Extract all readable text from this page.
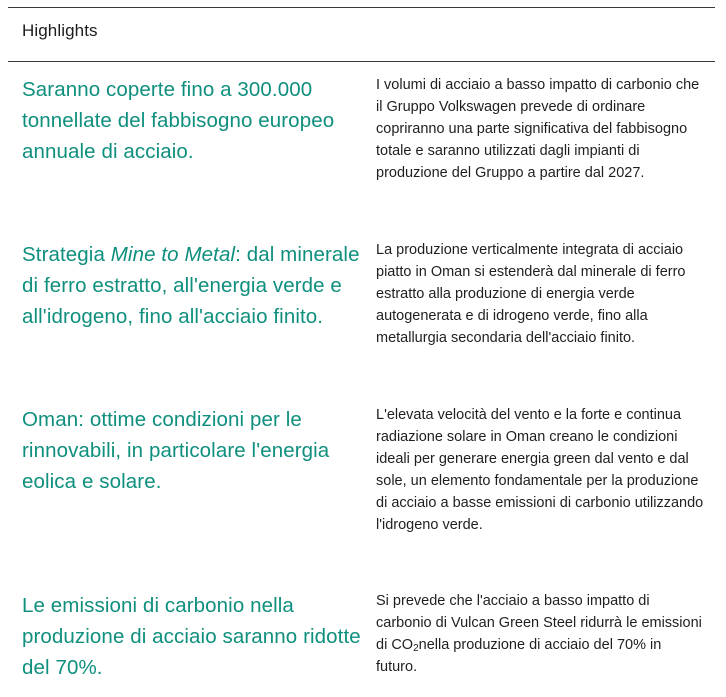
Highlights
Saranno coperte fino a 300.000 tonnellate del fabbisogno europeo annuale di acciaio.
I volumi di acciaio a basso impatto di carbonio che il Gruppo Volkswagen prevede di ordinare copriranno una parte significativa del fabbisogno totale e saranno utilizzati dagli impianti di produzione del Gruppo a partire dal 2027.
Strategia Mine to Metal: dal minerale di ferro estratto, all'energia verde e all'idrogeno, fino all'acciaio finito.
La produzione verticalmente integrata di acciaio piatto in Oman si estenderà dal minerale di ferro estratto alla produzione di energia verde autogenerata e di idrogeno verde, fino alla metallurgia secondaria dell'acciaio finito.
Oman: ottime condizioni per le rinnovabili, in particolare l'energia eolica e solare.
L'elevata velocità del vento e la forte e continua radiazione solare in Oman creano le condizioni ideali per generare energia green dal vento e dal sole, un elemento fondamentale per la produzione di acciaio a basse emissioni di carbonio utilizzando l'idrogeno verde.
Le emissioni di carbonio nella produzione di acciaio saranno ridotte del 70%.
Si prevede che l'acciaio a basso impatto di carbonio di Vulcan Green Steel ridurrà le emissioni di $CO_2nella$ produzione di acciaio del 70% in futuro.
